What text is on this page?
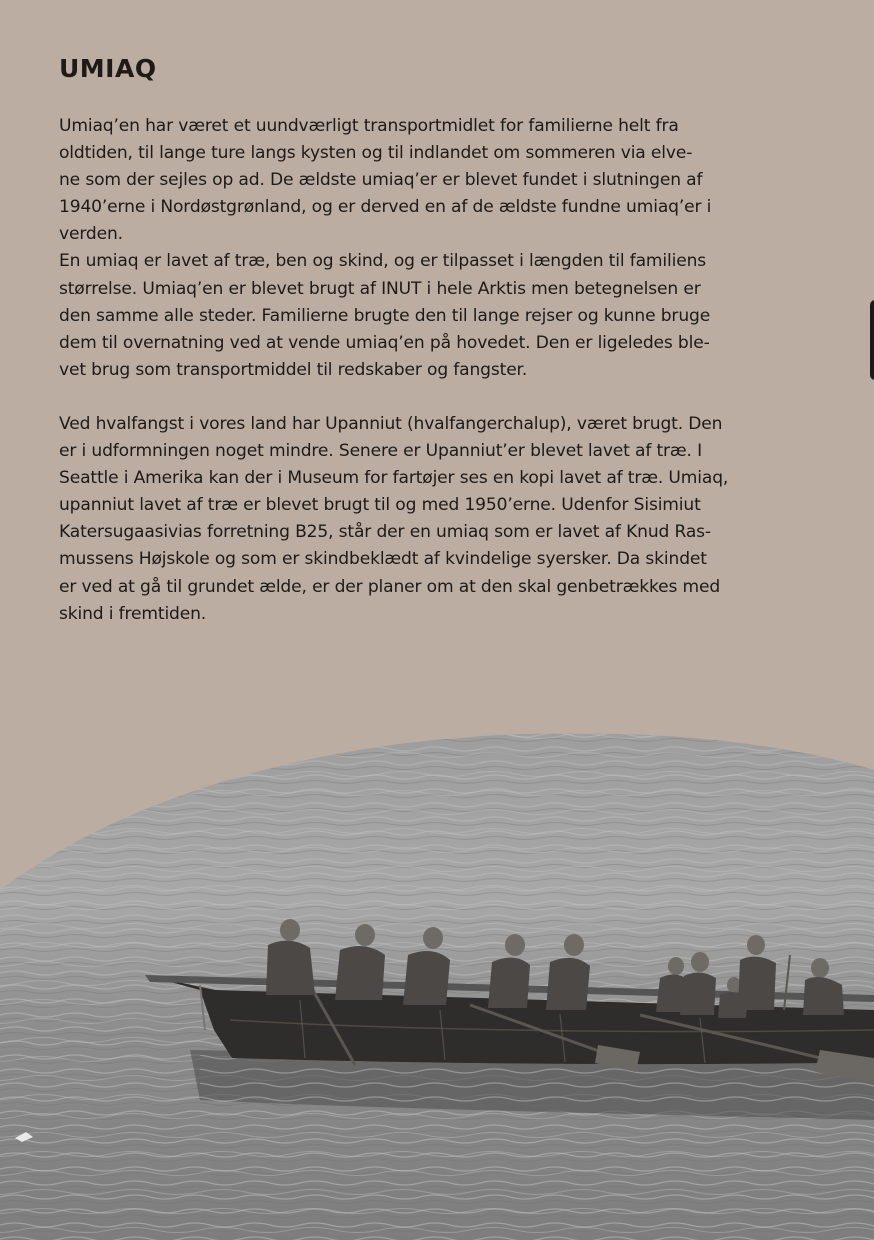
UMIAQ

Umiaq’en har været et uundværligt transportmidlet for familierne helt fra

oldtiden, til lange ture langs kysten og til indlandet om sommeren via elve-

ne som der sejles op ad. De ældste umiaq’er er blevet fundet i slutningen af

1940’erne i Nordøstgrønland, og er derved en af de ældste fundne umiaq’er i

verden.

En umiaq er lavet af træ, ben og skind, og er tilpasset i længden til familiens

størrelse. Umiaq’en er blevet brugt af INUT i hele Arktis men betegnelsen er

den samme alle steder. Familierne brugte den til lange rejser og kunne bruge

dem til overnatning ved at vende umiaq’en på hovedet. Den er ligeledes ble-

vet brug som transportmiddel til redskaber og fangster.

Ved hvalfangst i vores land har Upanniut (hvalfangerchalup), været brugt. Den

er i udformningen noget mindre. Senere er Upanniut’er blevet lavet af træ. I

Seattle i Amerika kan der i Museum for fartøjer ses en kopi lavet af træ. Umiaq,

upanniut lavet af træ er blevet brugt til og med 1950’erne. Udenfor Sisimiut

Katersugaasivias forretning B25, står der en umiaq som er lavet af Knud Ras-

mussens Højskole og som er skindbeklædt af kvindelige syersker. Da skindet

er ved at gå til grundet ælde, er der planer om at den skal genbetrækkes med

skind i fremtiden.
